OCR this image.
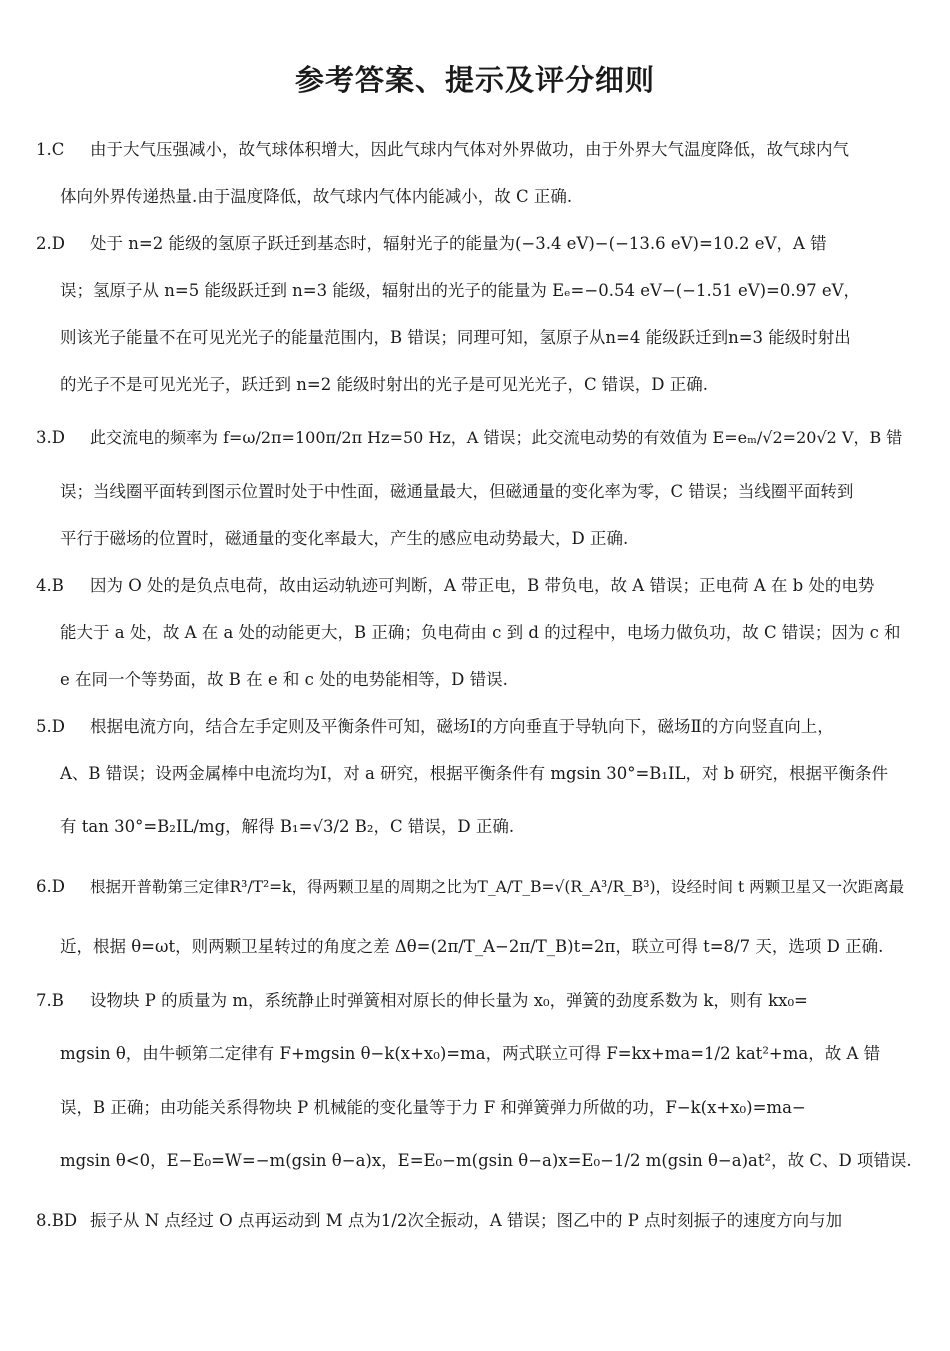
参考答案、提示及评分细则
1.C	由于大气压强减小，故气球体积增大，因此气球内气体对外界做功，由于外界大气温度降低，故气球内气
体向外界传递热量.由于温度降低，故气球内气体内能减小，故 C 正确.
2.D	处于 n=2 能级的氢原子跃迁到基态时，辐射光子的能量为(−3.4 eV)−(−13.6 eV)=10.2 eV，A 错
误；氢原子从 n=5 能级跃迁到 n=3 能级，辐射出的光子的能量为 Eₑ=−0.54 eV−(−1.51 eV)=0.97 eV，
则该光子能量不在可见光光子的能量范围内，B 错误；同理可知，氢原子从n=4 能级跃迁到n=3 能级时射出
的光子不是可见光光子，跃迁到 n=2 能级时射出的光子是可见光光子，C 错误，D 正确.
3.D	此交流电的频率为 f=ω/2π=100π/2π Hz=50 Hz，A 错误；此交流电动势的有效值为 E=eₘ/√2=20√2 V，B 错
误；当线圈平面转到图示位置时处于中性面，磁通量最大，但磁通量的变化率为零，C 错误；当线圈平面转到
平行于磁场的位置时，磁通量的变化率最大，产生的感应电动势最大，D 正确.
4.B	因为 O 处的是负点电荷，故由运动轨迹可判断，A 带正电，B 带负电，故 A 错误；正电荷 A 在 b 处的电势
能大于 a 处，故 A 在 a 处的动能更大，B 正确；负电荷由 c 到 d 的过程中，电场力做负功，故 C 错误；因为 c 和
e 在同一个等势面，故 B 在 e 和 c 处的电势能相等，D 错误.
5.D	根据电流方向，结合左手定则及平衡条件可知，磁场Ⅰ的方向垂直于导轨向下，磁场Ⅱ的方向竖直向上，
A、B 错误；设两金属棒中电流均为Ⅰ，对 a 研究，根据平衡条件有 mgsin 30°=B₁IL，对 b 研究，根据平衡条件
有 tan 30°=B₂IL/mg，解得 B₁=√3/2 B₂，C 错误，D 正确.
6.D	根据开普勒第三定律R³/T²=k，得两颗卫星的周期之比为T_A/T_B=√(R_A³/R_B³)，设经时间 t 两颗卫星又一次距离最
近，根据 θ=ωt，则两颗卫星转过的角度之差 Δθ=(2π/T_A−2π/T_B)t=2π，联立可得 t=8/7 天，选项 D 正确.
7.B	设物块 P 的质量为 m，系统静止时弹簧相对原长的伸长量为 x₀，弹簧的劲度系数为 k，则有 kx₀=
mgsin θ，由牛顿第二定律有 F+mgsin θ−k(x+x₀)=ma，两式联立可得 F=kx+ma=1/2 kat²+ma，故 A 错
误，B 正确；由功能关系得物块 P 机械能的变化量等于力 F 和弹簧弹力所做的功，F−k(x+x₀)=ma−
mgsin θ<0，E−E₀=W=−m(gsin θ−a)x，E=E₀−m(gsin θ−a)x=E₀−1/2 m(gsin θ−a)at²，故 C、D 项错误.
8.BD 振子从 N 点经过 O 点再运动到 M 点为1/2次全振动，A 错误；图乙中的 P 点时刻振子的速度方向与加
